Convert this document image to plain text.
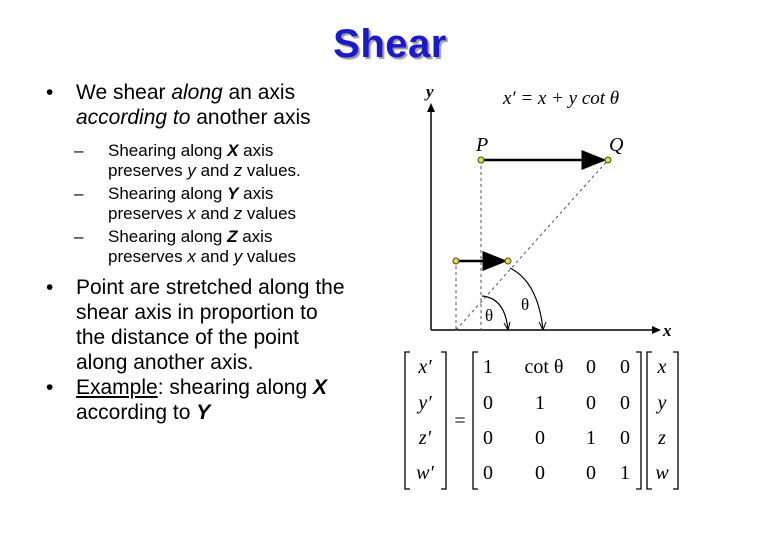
Shear
• We shear along an axis
according to another axis
– Shearing along X axis
preserves y and z values.
– Shearing along Y axis
preserves x and z values
– Shearing along Z axis
preserves x and y values
• Point are stretched along the
shear axis in proportion to
the distance of the point
along another axis.
• Example: shearing along X
according to Y
y
x
x′ = x + y cot θ
P	Q
θ
θ
x′
y′
z′
w′
=
1 cot θ 0 0
0 1 0 0
0 0 1 0
0 0 0 1
x
y
z
w
